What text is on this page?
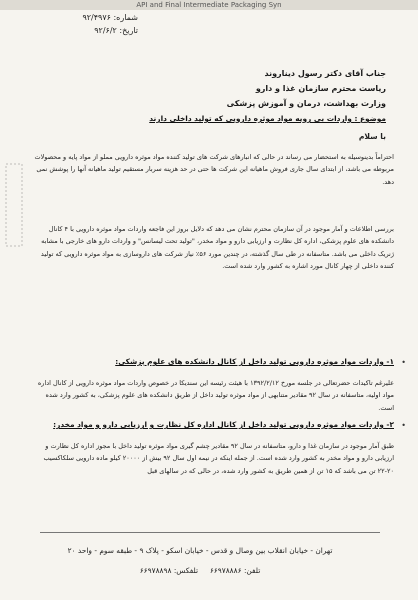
API and Final Intermediate Packaging Syn
شماره: ۹۲/۴۹۷۶
تاریخ: ۹۲/۶/۲
جناب آقای دکتر رسول دیناروند
ریاست محترم سازمان غذا و دارو
وزارت بهداشت، درمان و آموزش پزشکی
موضوع : واردات بی رویه مواد موثره دارویی که تولید داخلی دارند
با سلام

احتراماً بدینوسیله به استحضار می رساند در حالی که انبارهای شرکت های تولید کننده مواد موثره دارویی مملو از مواد پایه و محصولات مربوطه می باشد، از ابتدای سال جاری فروش ماهیانه این شرکت ها حتی در حد هزینه سربار مستقیم تولید ماهیانه آنها را پوشش نمی دهد.

بررسی اطلاعات و آمار موجود در آن سازمان محترم نشان می دهد که دلایل بروز این فاجعه واردات مواد موثره دارویی با ۴ کانال دانشکده های علوم پزشکی، اداره کل نظارت و ارزیابی دارو و مواد مخدر، "تولید تحت لیسانس" و واردات دارو های خارجی با مشابه ژنریک داخلی می باشد. متاسفانه در طی سال گذشته، در چندین مورد ۵۶٪ نیاز شرکت های داروسازی به مواد موثره دارویی که تولید کننده داخلی از چهار کانال مورد اشاره به کشور وارد شده است.

•
۱- واردات مواد موثره دارویی تولید داخل از کانال دانشکده های علوم پزشکی:

علیرغم تاکیدات حضرتعالی در جلسه مورخ ۱۳۹۲/۲/۱۲ با هیئت رئیسه این سندیکا در خصوص واردات مواد موثره دارویی از کانال اداره مواد اولیه، متاسفانه در سال ۹۲ مقادیر متنابهی از مواد موثره تولید داخل از طریق دانشکده های علوم پزشکی، به کشور وارد شده است.

•
۲- واردات مواد موثره دارویی تولید داخل از کانال اداره کل نظارت و ارزیابی دارو و مواد مخدر:

طبق آمار موجود در سازمان غذا و دارو، متاسفانه در سال ۹۲ مقادیر چشم گیری مواد موثره تولید داخل با مجوز اداره کل نظارت و ارزیابی دارو و مواد مخدر به کشور وارد شده است. از جمله اینکه در نیمه اول سال ۹۲ بیش از ۲۰۰۰۰ کیلو ماده دارویی سلکاکسیب ۲۰-۲۲ تن می باشد که ۱۵ تن از همین طریق به کشور وارد شده، در حالی که در سالهای قبل

تهران - خیابان انقلاب بین وصال و قدس - خیابان اسکو - پلاک ۹ - طبقه سوم - واحد ۲۰
تلفن: ۶۶۹۷۸۸۸۶     تلفکس: ۶۶۹۷۸۸۹۸
